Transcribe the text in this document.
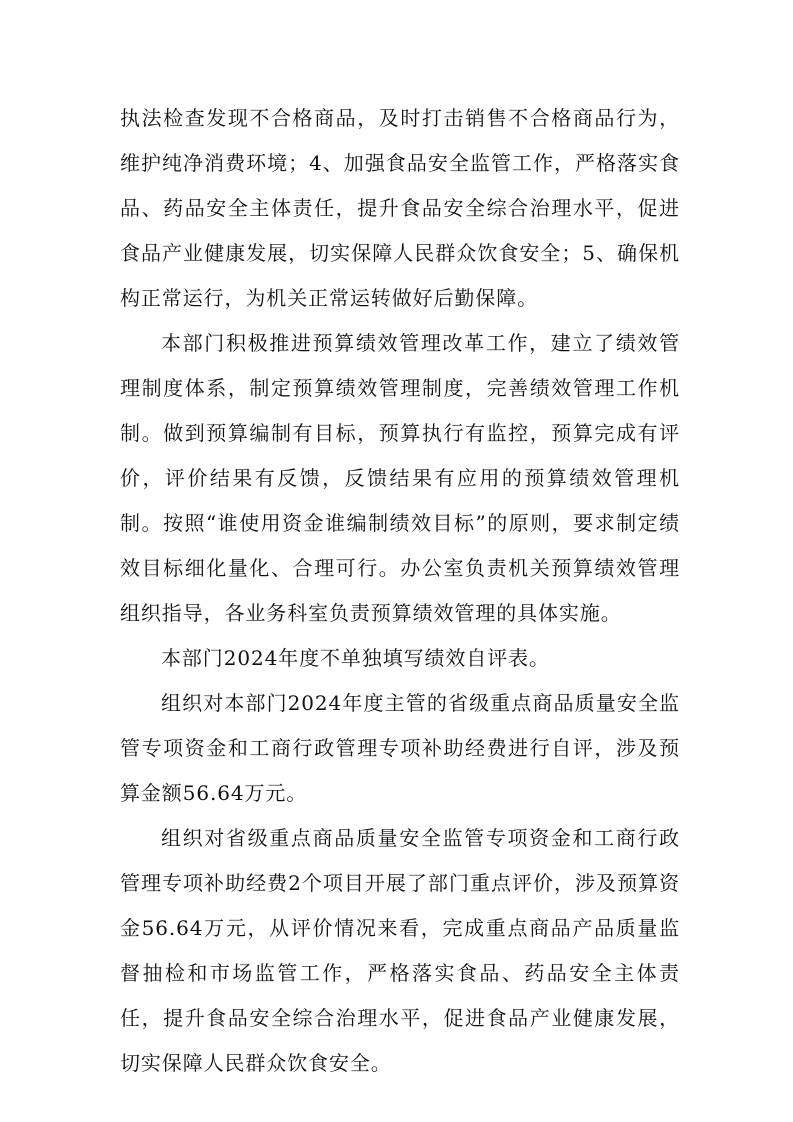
执法检查发现不合格商品，及时打击销售不合格商品行为，维护纯净消费环境；4、加强食品安全监管工作，严格落实食品、药品安全主体责任，提升食品安全综合治理水平，促进食品产业健康发展，切实保障人民群众饮食安全；5、确保机构正常运行，为机关正常运转做好后勤保障。

本部门积极推进预算绩效管理改革工作，建立了绩效管理制度体系，制定预算绩效管理制度，完善绩效管理工作机制。做到预算编制有目标，预算执行有监控，预算完成有评价，评价结果有反馈，反馈结果有应用的预算绩效管理机制。按照“谁使用资金谁编制绩效目标”的原则，要求制定绩效目标细化量化、合理可行。办公室负责机关预算绩效管理组织指导，各业务科室负责预算绩效管理的具体实施。

本部门2024年度不单独填写绩效自评表。

组织对本部门2024年度主管的省级重点商品质量安全监管专项资金和工商行政管理专项补助经费进行自评，涉及预算金额56.64万元。

组织对省级重点商品质量安全监管专项资金和工商行政管理专项补助经费2个项目开展了部门重点评价，涉及预算资金56.64万元，从评价情况来看，完成重点商品产品质量监督抽检和市场监管工作，严格落实食品、药品安全主体责任，提升食品安全综合治理水平，促进食品产业健康发展，切实保障人民群众饮食安全。
